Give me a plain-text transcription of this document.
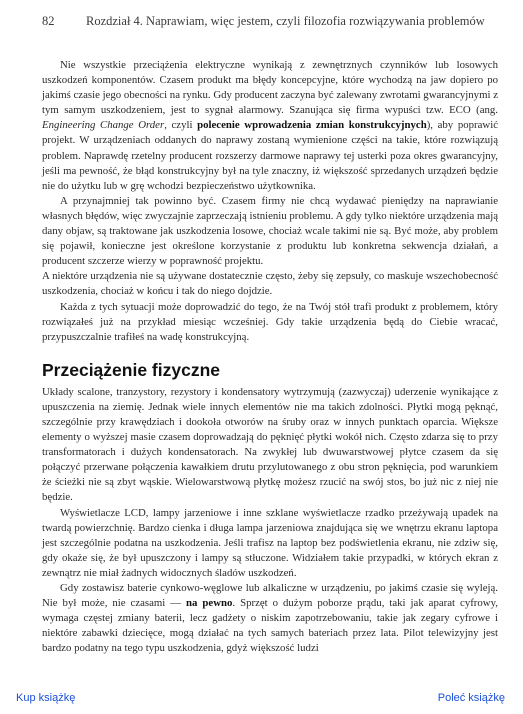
82	Rozdział 4. Naprawiam, więc jestem, czyli filozofia rozwiązywania problemów

Nie wszystkie przeciążenia elektryczne wynikają z zewnętrznych czynników lub losowych uszkodzeń komponentów. Czasem produkt ma błędy koncepcyjne, które wychodzą na jaw dopiero po jakimś czasie jego obecności na rynku. Gdy producent zaczyna być zalewany zwrotami gwarancyjnymi z tym samym uszkodzeniem, jest to sygnał alarmowy. Szanująca się firma wypuści tzw. ECO (ang. Engineering Change Order, czyli polecenie wprowadzenia zmian konstrukcyjnych), aby poprawić projekt. W urządzeniach oddanych do naprawy zostaną wymienione części na takie, które rozwiązują problem. Naprawdę rzetelny producent rozszerzy darmowe naprawy tej usterki poza okres gwarancyjny, jeśli ma pewność, że błąd konstrukcyjny był na tyle znaczny, iż większość sprzedanych urządzeń będzie nie do użytku lub w grę wchodzi bezpieczeństwo użytkownika.

A przynajmniej tak powinno być. Czasem firmy nie chcą wydawać pieniędzy na naprawianie własnych błędów, więc zwyczajnie zaprzeczają istnieniu problemu. A gdy tylko niektóre urządzenia mają dany objaw, są traktowane jak uszkodzenia losowe, chociaż wcale takimi nie są. Być może, aby problem się pojawił, konieczne jest określone korzystanie z produktu lub konkretna sekwencja działań, a producent szczerze wierzy w poprawność projektu.

A niektóre urządzenia nie są używane dostatecznie często, żeby się zepsuły, co maskuje wszechobecność uszkodzenia, chociaż w końcu i tak do niego dojdzie.

Każda z tych sytuacji może doprowadzić do tego, że na Twój stół trafi produkt z problemem, który rozwiązałeś już na przykład miesiąc wcześniej. Gdy takie urządzenia będą do Ciebie wracać, przypuszczalnie trafiłeś na wadę konstrukcyjną.

Przeciążenie fizyczne

Układy scalone, tranzystory, rezystory i kondensatory wytrzymują (zazwyczaj) uderzenie wynikające z upuszczenia na ziemię. Jednak wiele innych elementów nie ma takich zdolności. Płytki mogą pęknąć, szczególnie przy krawędziach i dookoła otworów na śruby oraz w innych punktach oparcia. Większe elementy o wyższej masie czasem doprowadzają do pęknięć płytki wokół nich. Często zdarza się to przy transformatorach i dużych kondensatorach. Na zwykłej lub dwuwarstwowej płytce czasem da się połączyć przerwane połączenia kawałkiem drutu przylutowanego z obu stron pęknięcia, pod warunkiem że ścieżki nie są zbyt wąskie. Wielowarstwową płytkę możesz rzucić na swój stos, bo już nic z niej nie będzie.

Wyświetlacze LCD, lampy jarzeniowe i inne szklane wyświetlacze rzadko przeżywają upadek na twardą powierzchnię. Bardzo cienka i długa lampa jarzeniowa znajdująca się we wnętrzu ekranu laptopa jest szczególnie podatna na uszkodzenia. Jeśli trafisz na laptop bez podświetlenia ekranu, nie zdziw się, gdy okaże się, że był upuszczony i lampy są stłuczone. Widziałem takie przypadki, w których ekran z zewnątrz nie miał żadnych widocznych śladów uszkodzeń.

Gdy zostawisz baterie cynkowo-węglowe lub alkaliczne w urządzeniu, po jakimś czasie się wyleją. Nie był może, nie czasami — na pewno. Sprzęt o dużym poborze prądu, taki jak aparat cyfrowy, wymaga częstej zmiany baterii, lecz gadżety o niskim zapotrzebowaniu, takie jak zegary cyfrowe i niektóre zabawki dziecięce, mogą działać na tych samych bateriach przez lata. Pilot telewizyjny jest bardzo podatny na tego typu uszkodzenia, gdyż większość ludzi

Kup książkę	Poleć książkę
